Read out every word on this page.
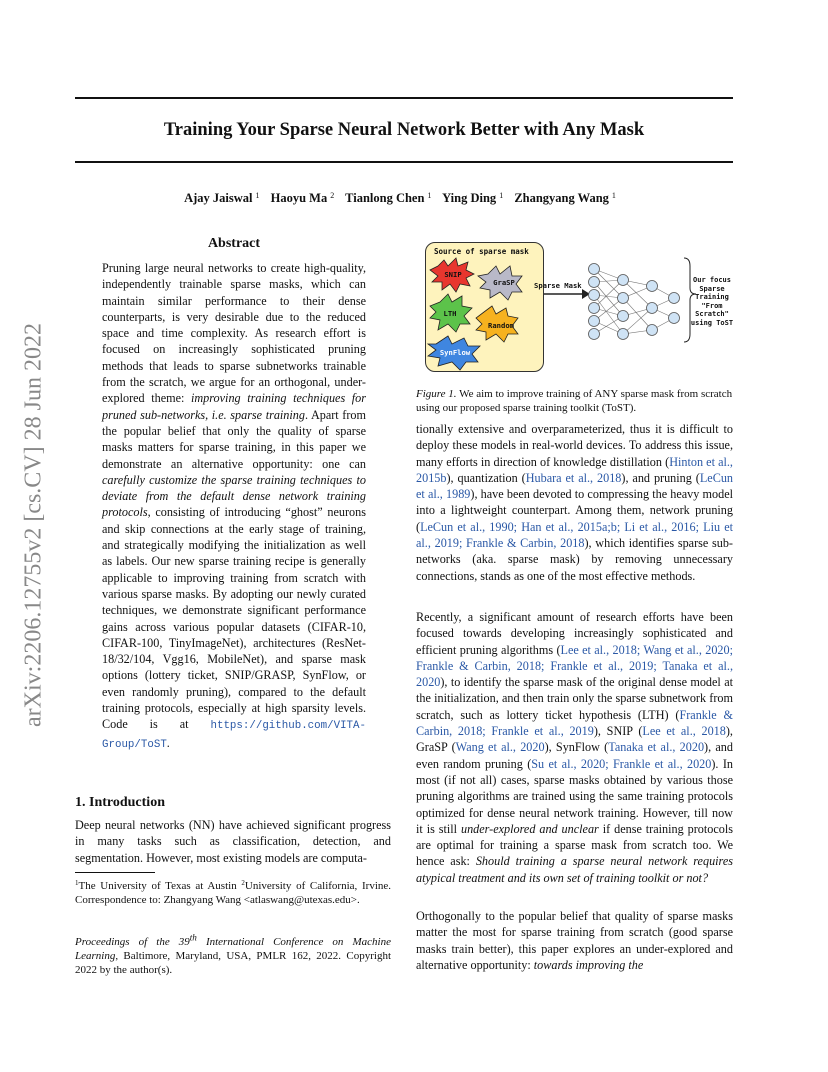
arXiv:2206.12755v2 [cs.CV] 28 Jun 2022
Training Your Sparse Neural Network Better with Any Mask
Ajay Jaiswal $^1$ Haoyu Ma $^2$ Tianlong Chen $^1$ Ying Ding $^1$ Zhangyang Wang $^1$
Abstract
Pruning large neural networks to create high-quality, independently trainable sparse masks, which can maintain similar performance to their dense counterparts, is very desirable due to the reduced space and time complexity. As research effort is focused on increasingly sophisticated pruning methods that leads to sparse subnetworks trainable from the scratch, we argue for an orthogonal, under-explored theme: improving training techniques for pruned sub-networks, i.e. sparse training. Apart from the popular belief that only the quality of sparse masks matters for sparse training, in this paper we demonstrate an alternative opportunity: one can carefully customize the sparse training techniques to deviate from the default dense network training protocols, consisting of introducing “ghost” neurons and skip connections at the early stage of training, and strategically modifying the initialization as well as labels. Our new sparse training recipe is generally applicable to improving training from scratch with various sparse masks. By adopting our newly curated techniques, we demonstrate significant performance gains across various popular datasets (CIFAR-10, CIFAR-100, TinyImageNet), architectures (ResNet-18/32/104, Vgg16, MobileNet), and sparse mask options (lottery ticket, SNIP/GRASP, SynFlow, or even randomly pruning), compared to the default training protocols, especially at high sparsity levels. Code is at https://github.com/VITA-Group/ToST.
1. Introduction
Deep neural networks (NN) have achieved significant progress in many tasks such as classification, detection, and segmentation. However, most existing models are computa-
$^1$The University of Texas at Austin $^2$University of California, Irvine. Correspondence to: Zhangyang Wang <atlaswang@utexas.edu>.
Proceedings of the 39th International Conference on Machine Learning, Baltimore, Maryland, USA, PMLR 162, 2022. Copyright 2022 by the author(s).
Source of sparse mask
SNIP
GraSP
LTH
Random
SynFlow
Sparse Mask
Our focus
Sparse
Training
"From
Scratch"
using ToST
Figure 1. We aim to improve training of ANY sparse mask from scratch using our proposed sparse training toolkit (ToST).
tionally extensive and overparameterized, thus it is difficult to deploy these models in real-world devices. To address this issue, many efforts in direction of knowledge distillation (Hinton et al., 2015b), quantization (Hubara et al., 2018), and pruning (LeCun et al., 1989), have been devoted to compressing the heavy model into a lightweight counterpart. Among them, network pruning (LeCun et al., 1990; Han et al., 2015a;b; Li et al., 2016; Liu et al., 2019; Frankle & Carbin, 2018), which identifies sparse sub-networks (aka. sparse mask) by removing unnecessary connections, stands as one of the most effective methods.
Recently, a significant amount of research efforts have been focused towards developing increasingly sophisticated and efficient pruning algorithms (Lee et al., 2018; Wang et al., 2020; Frankle & Carbin, 2018; Frankle et al., 2019; Tanaka et al., 2020), to identify the sparse mask of the original dense model at the initialization, and then train only the sparse subnetwork from scratch, such as lottery ticket hypothesis (LTH) (Frankle & Carbin, 2018; Frankle et al., 2019), SNIP (Lee et al., 2018), GraSP (Wang et al., 2020), SynFlow (Tanaka et al., 2020), and even random pruning (Su et al., 2020; Frankle et al., 2020). In most (if not all) cases, sparse masks obtained by various those pruning algorithms are trained using the same training protocols optimized for dense neural network training. However, till now it is still under-explored and unclear if dense training protocols are optimal for training a sparse mask from scratch too. We hence ask: Should training a sparse neural network requires atypical treatment and its own set of training toolkit or not?
Orthogonally to the popular belief that quality of sparse masks matter the most for sparse training from scratch (good sparse masks train better), this paper explores an under-explored and alternative opportunity: towards improving the
